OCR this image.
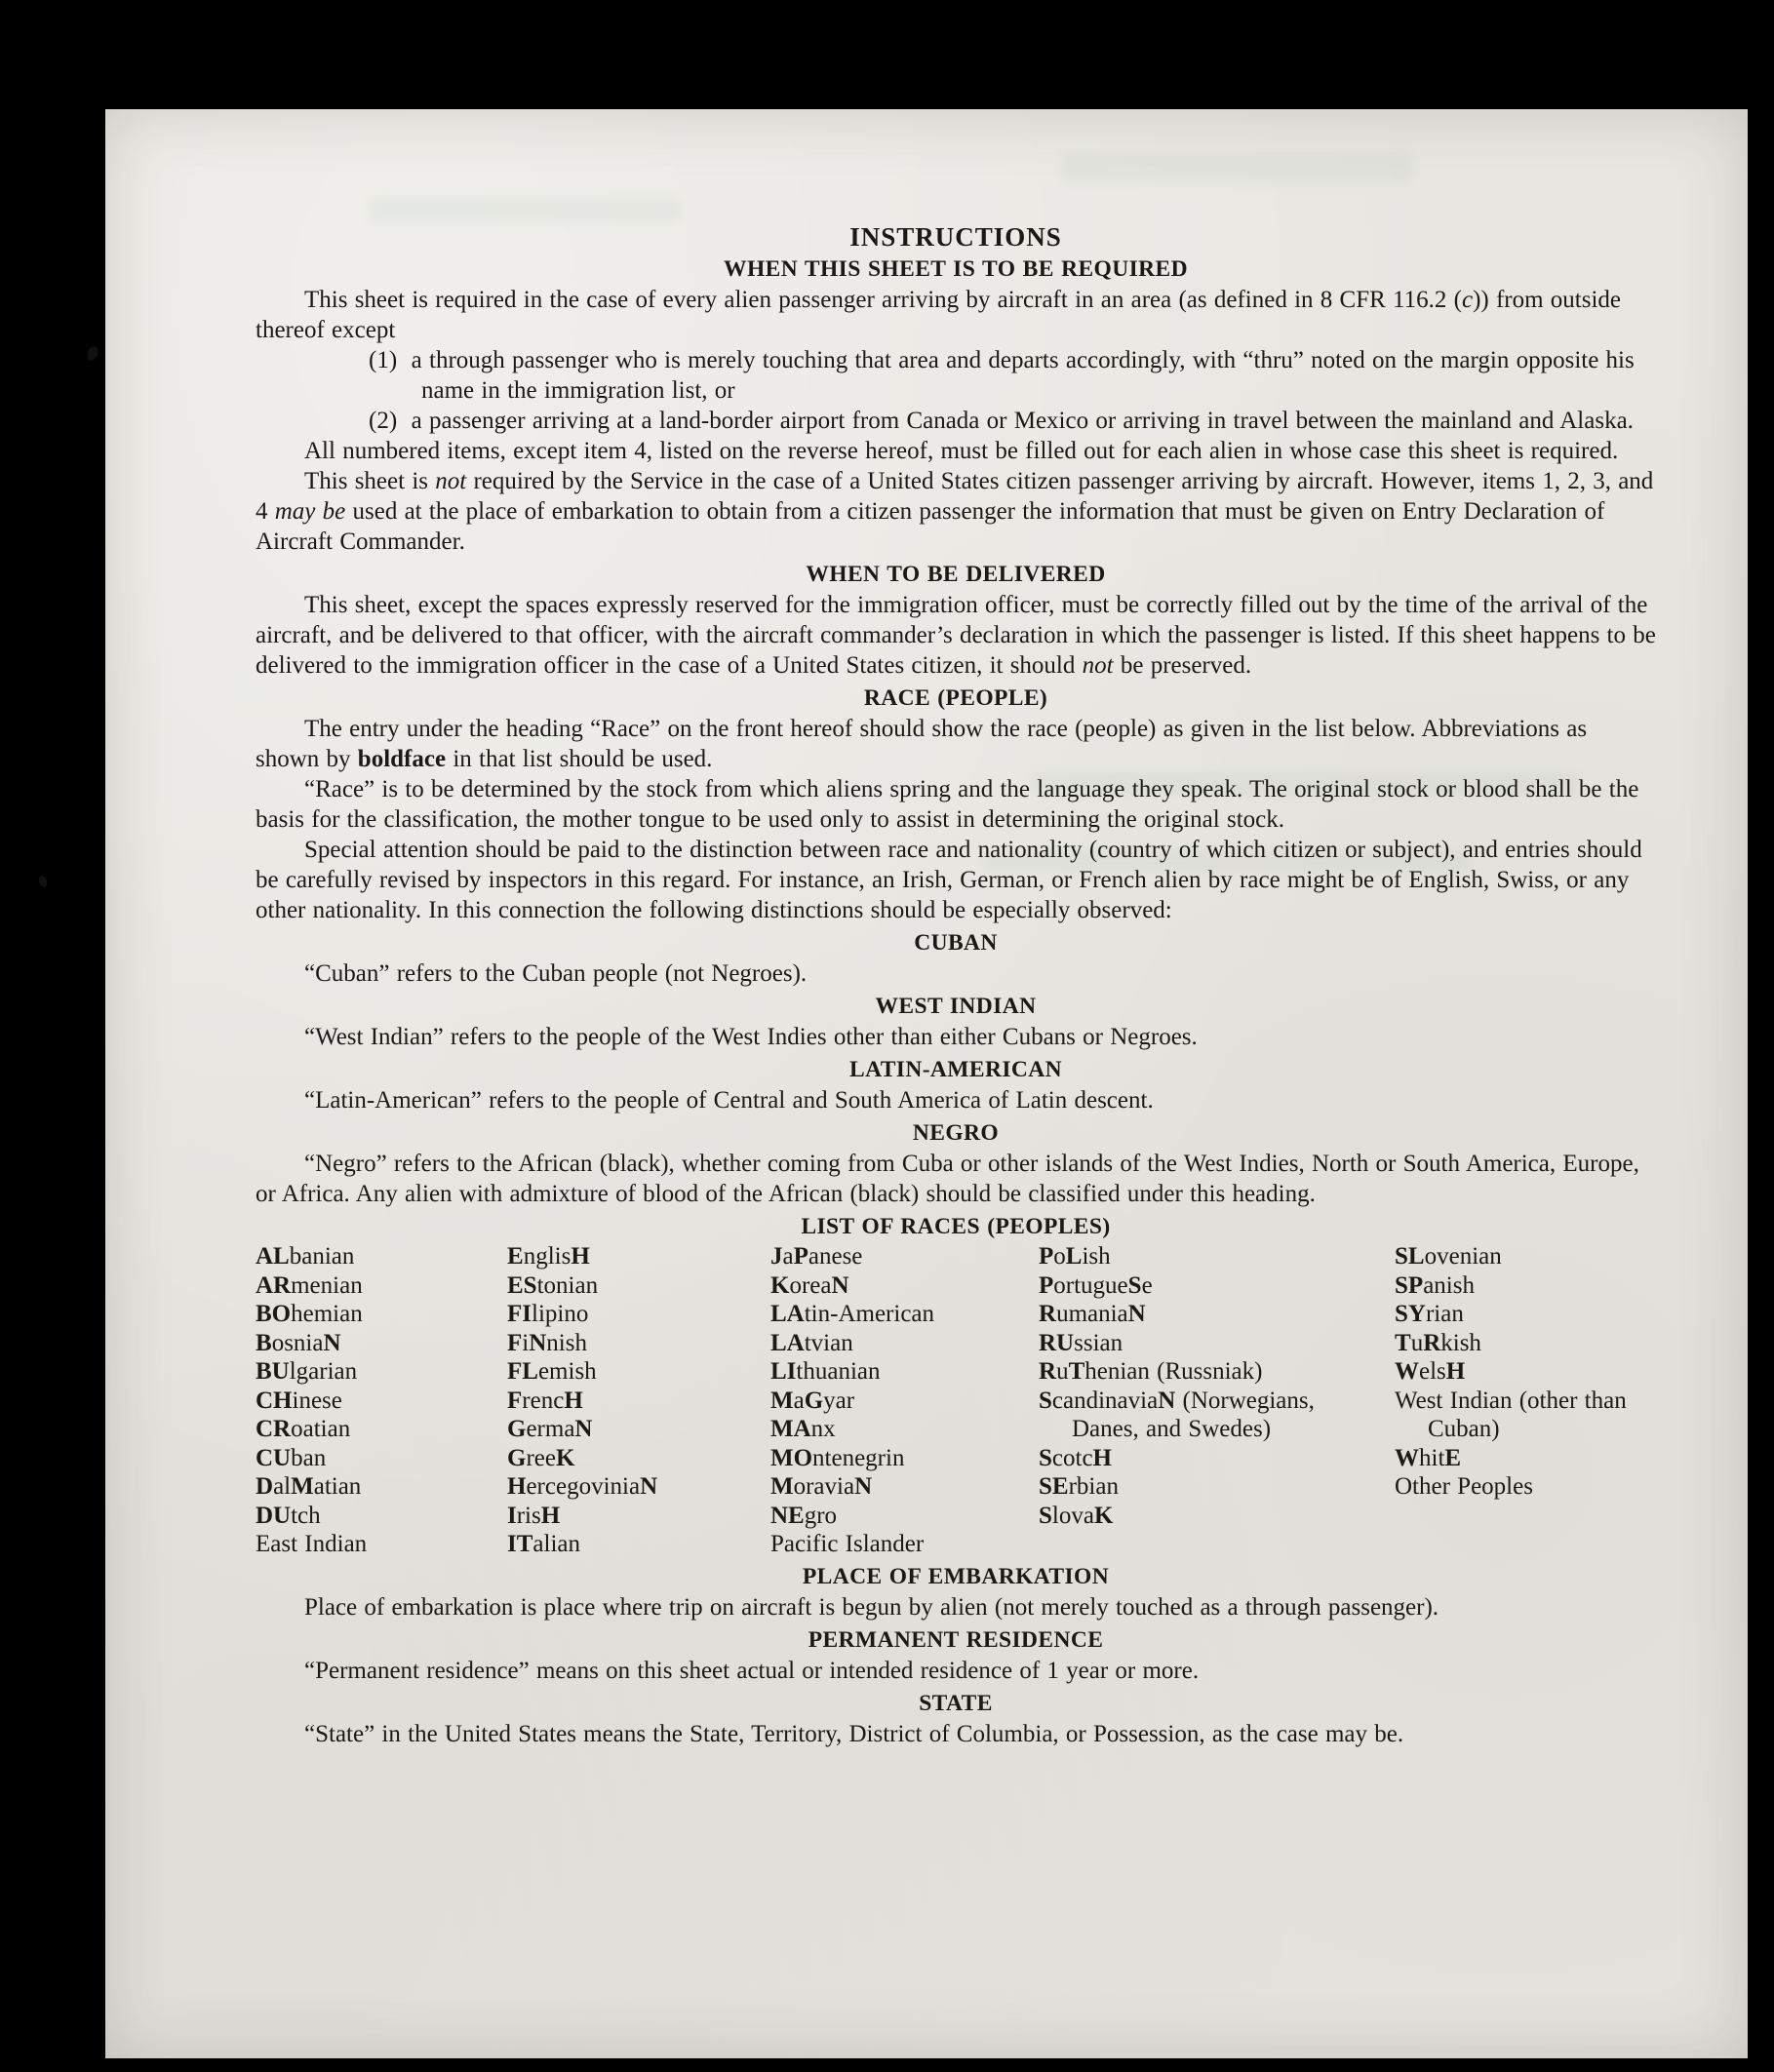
INSTRUCTIONS
WHEN THIS SHEET IS TO BE REQUIRED

This sheet is required in the case of every alien passenger arriving by aircraft in an area (as defined in 8 CFR 116.2 (c)) from outside thereof except

(1)  a through passenger who is merely touching that area and departs accordingly, with “thru” noted on the margin opposite his name in the immigration list, or
(2)  a passenger arriving at a land-border airport from Canada or Mexico or arriving in travel between the mainland and Alaska.

All numbered items, except item 4, listed on the reverse hereof, must be filled out for each alien in whose case this sheet is required.

This sheet is not required by the Service in the case of a United States citizen passenger arriving by aircraft. However, items 1, 2, 3, and 4 may be used at the place of embarkation to obtain from a citizen passenger the information that must be given on Entry Declaration of Aircraft Commander.

WHEN TO BE DELIVERED

This sheet, except the spaces expressly reserved for the immigration officer, must be correctly filled out by the time of the arrival of the aircraft, and be delivered to that officer, with the aircraft commander’s declaration in which the passenger is listed. If this sheet happens to be delivered to the immigration officer in the case of a United States citizen, it should not be preserved.

RACE (PEOPLE)

The entry under the heading “Race” on the front hereof should show the race (people) as given in the list below. Abbreviations as shown by boldface in that list should be used.

“Race” is to be determined by the stock from which aliens spring and the language they speak. The original stock or blood shall be the basis for the classification, the mother tongue to be used only to assist in determining the original stock.

Special attention should be paid to the distinction between race and nationality (country of which citizen or subject), and entries should be carefully revised by inspectors in this regard. For instance, an Irish, German, or French alien by race might be of English, Swiss, or any other nationality. In this connection the following distinctions should be especially observed:

CUBAN

“Cuban” refers to the Cuban people (not Negroes).

WEST INDIAN

“West Indian” refers to the people of the West Indies other than either Cubans or Negroes.

LATIN-AMERICAN

“Latin-American” refers to the people of Central and South America of Latin descent.

NEGRO

“Negro” refers to the African (black), whether coming from Cuba or other islands of the West Indies, North or South America, Europe, or Africa. Any alien with admixture of blood of the African (black) should be classified under this heading.

LIST OF RACES (PEOPLES)
ALbanian
ARmenian
BOhemian
BosniaN
BUlgarian
CHinese
CRoatian
CUban
DalMatian
DUtch
East Indian
EnglisH
EStonian
FIlipino
FiNnish
FLemish
FrencH
GermaN
GreeK
HercegoviniaN
IrisH
ITalian
JaPanese
KoreaN
LAtin-American
LAtvian
LIthuanian
MaGyar
MAnx
MOntenegrin
MoraviaN
NEgro
Pacific Islander
PoLish
PortugueSe
RumaniaN
RUssian
RuThenian (Russniak)
ScandinaviaN (Norwegians, Danes, and Swedes)
ScotcH
SErbian
SlovaK
SLovenian
SPanish
SYrian
TuRkish
WelsH
West Indian (other than Cuban)
WhitE
Other Peoples
PLACE OF EMBARKATION

Place of embarkation is place where trip on aircraft is begun by alien (not merely touched as a through passenger).

PERMANENT RESIDENCE

“Permanent residence” means on this sheet actual or intended residence of 1 year or more.

STATE

“State” in the United States means the State, Territory, District of Columbia, or Possession, as the case may be.
